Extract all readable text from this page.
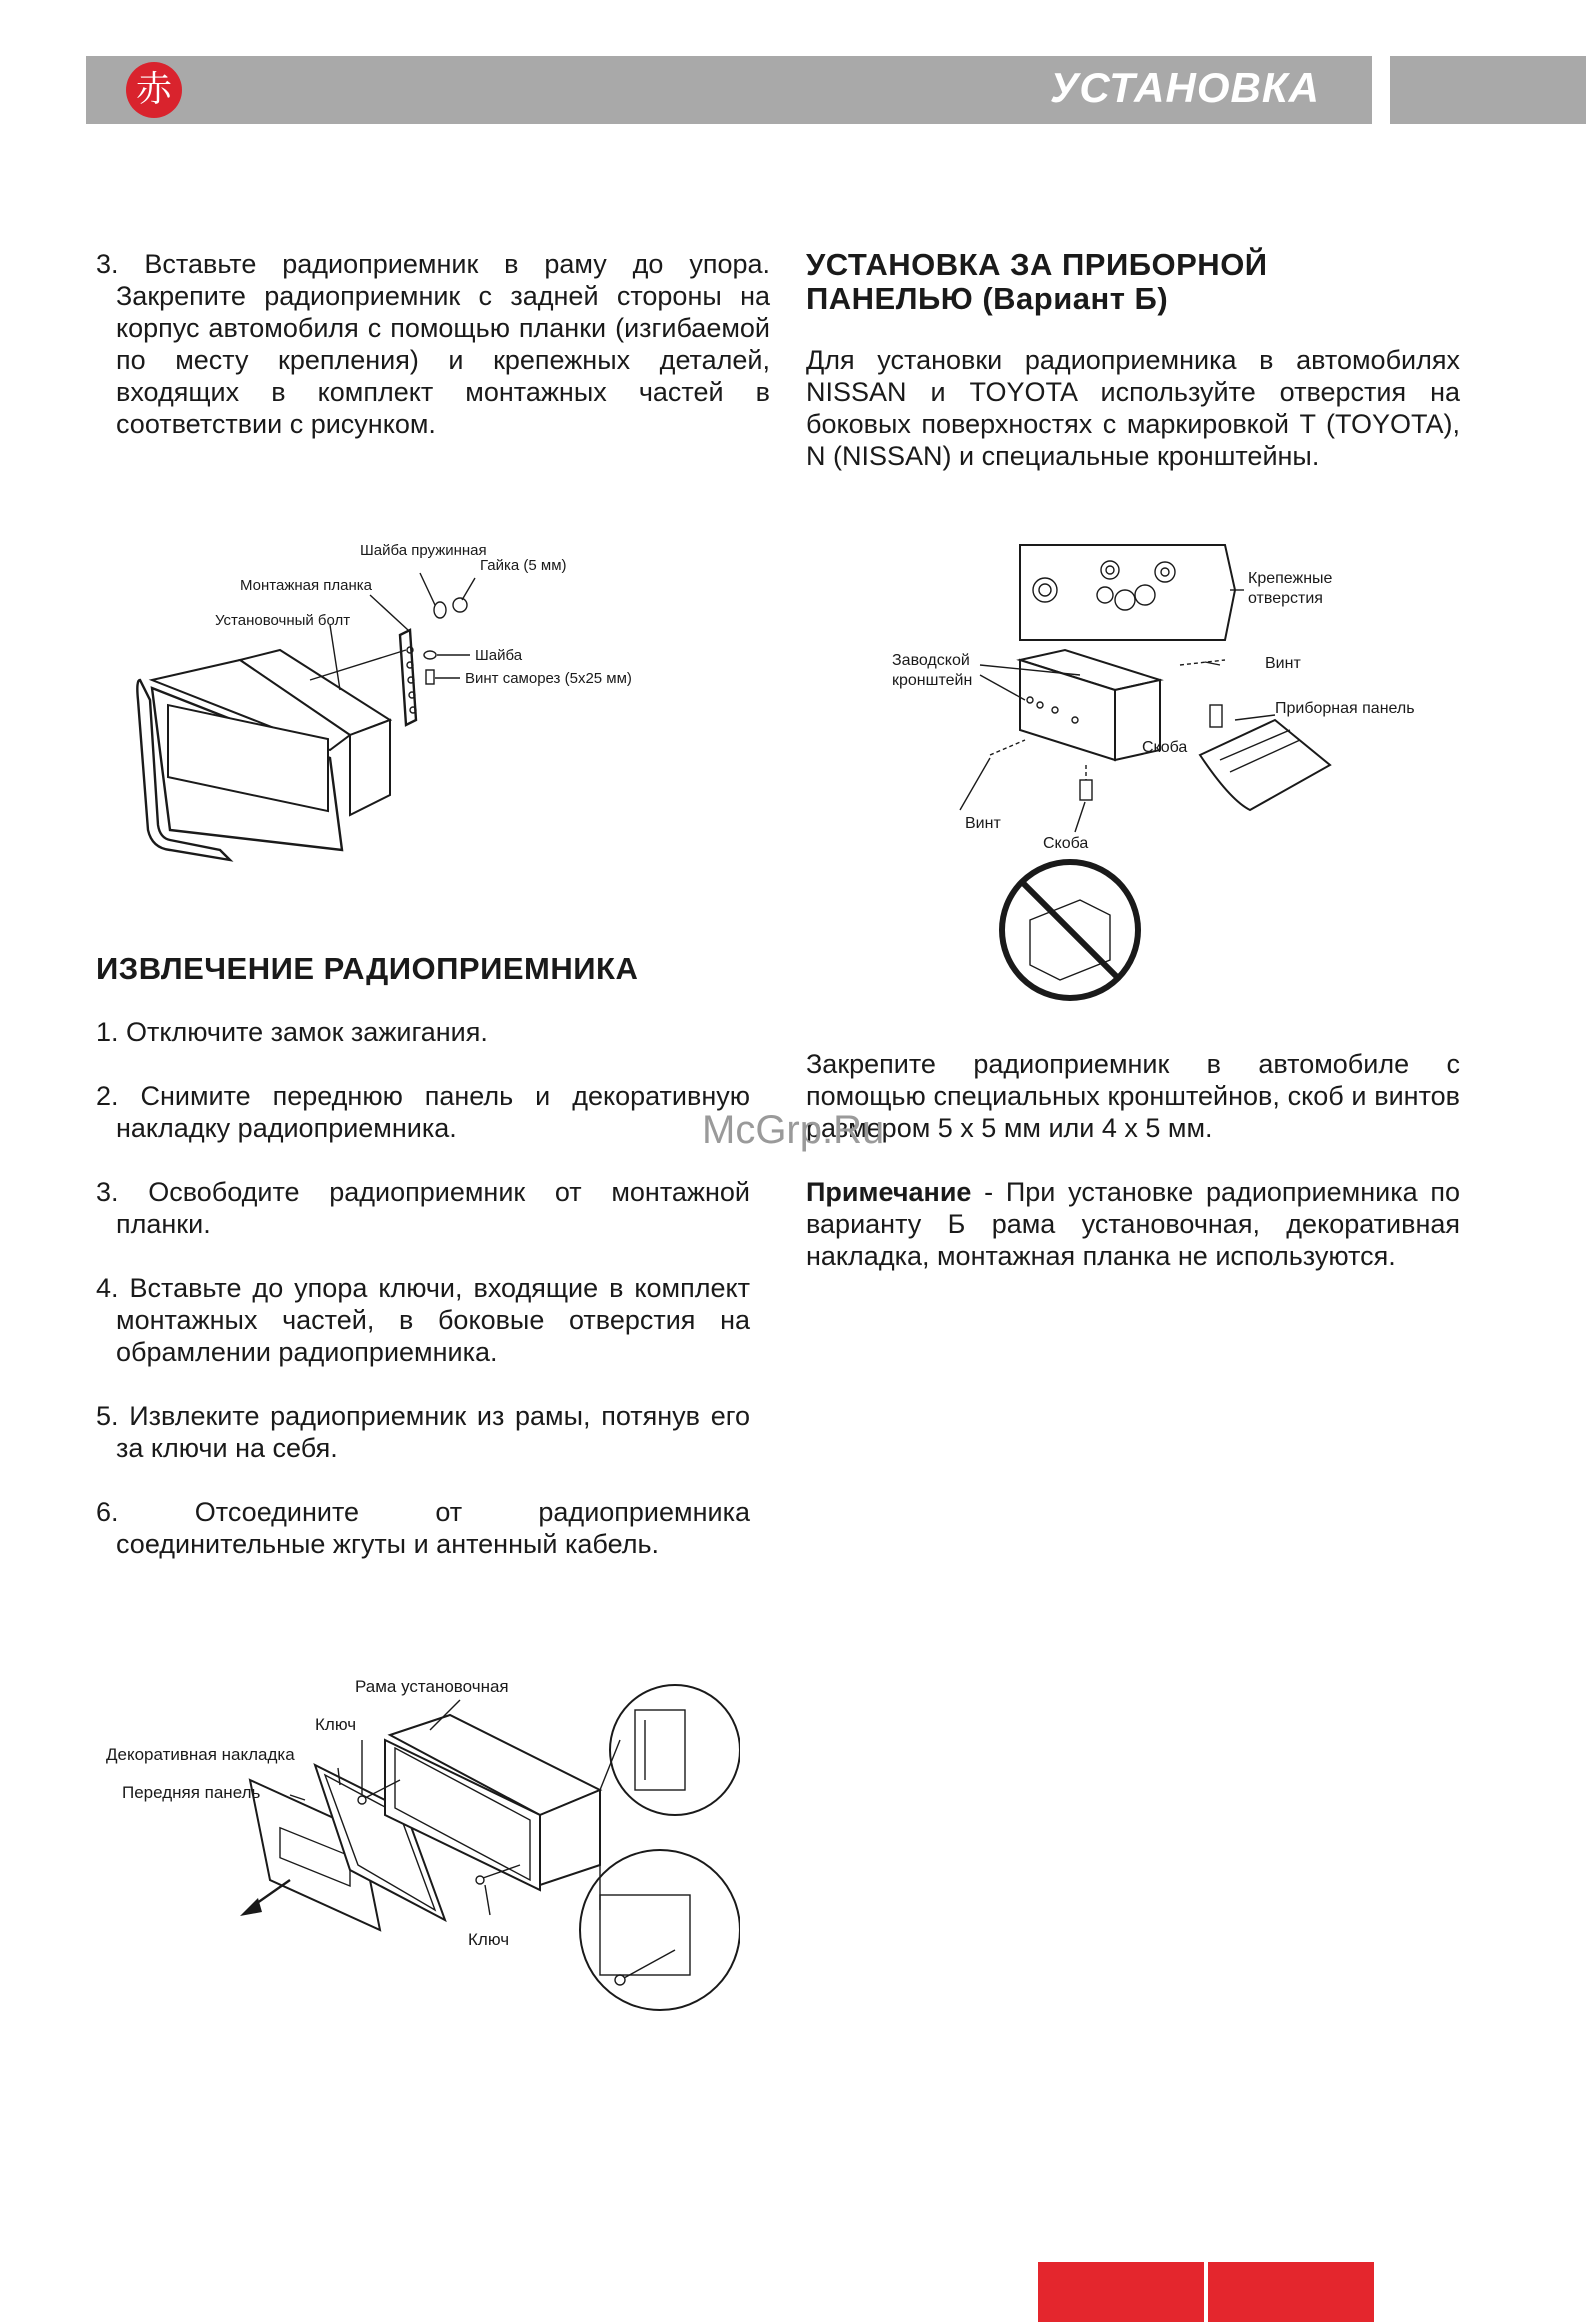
赤	УСТАНОВКА
3. Вставьте радиоприемник в раму до упора. Закрепите радиоприемник с задней стороны на корпус автомобиля с помощью планки (изгибаемой по месту крепления) и крепежных деталей, входящих в комплект монтажных частей в соответствии с рисунком.
Шайба пружинная
Гайка (5 мм)
Монтажная планка
Установочный болт
Шайба
Винт саморез (5х25 мм)
ИЗВЛЕЧЕНИЕ РАДИОПРИЕМНИКА
1. Отключите замок зажигания.
2. Снимите переднюю панель и декоративную накладку радиоприемника.
3. Освободите радиоприемник от монтажной планки.
4. Вставьте до упора ключи, входящие в комплект монтажных частей, в боковые отверстия на обрамлении радиоприемника.
5. Извлеките радиоприемник из рамы, потянув его за ключи на себя.
6. Отсоедините от радиоприемника соединительные жгуты и антенный кабель.
Рама установочная
Ключ
Декоративная накладка
Передняя панель
Ключ
УСТАНОВКА ЗА ПРИБОРНОЙ
ПАНЕЛЬЮ (Вариант Б)
Для установки радиоприемника в автомобилях NISSAN и TOYOTA используйте отверстия на боковых поверхностях с маркировкой T (TOYOTA), N (NISSAN) и специальные кронштейны.
Крепежные
отверстия
Заводской
кронштейн
Винт
Приборная панель
Скоба
Винт
Скоба
Закрепите радиоприемник в автомобиле с помощью специальных кронштейнов, скоб и винтов размером 5 x 5 мм или 4 x 5 мм.
Примечание - При установке радиоприемника по варианту Б рама установочная, декоративная накладка, монтажная планка не используются.
McGrp.Ru
